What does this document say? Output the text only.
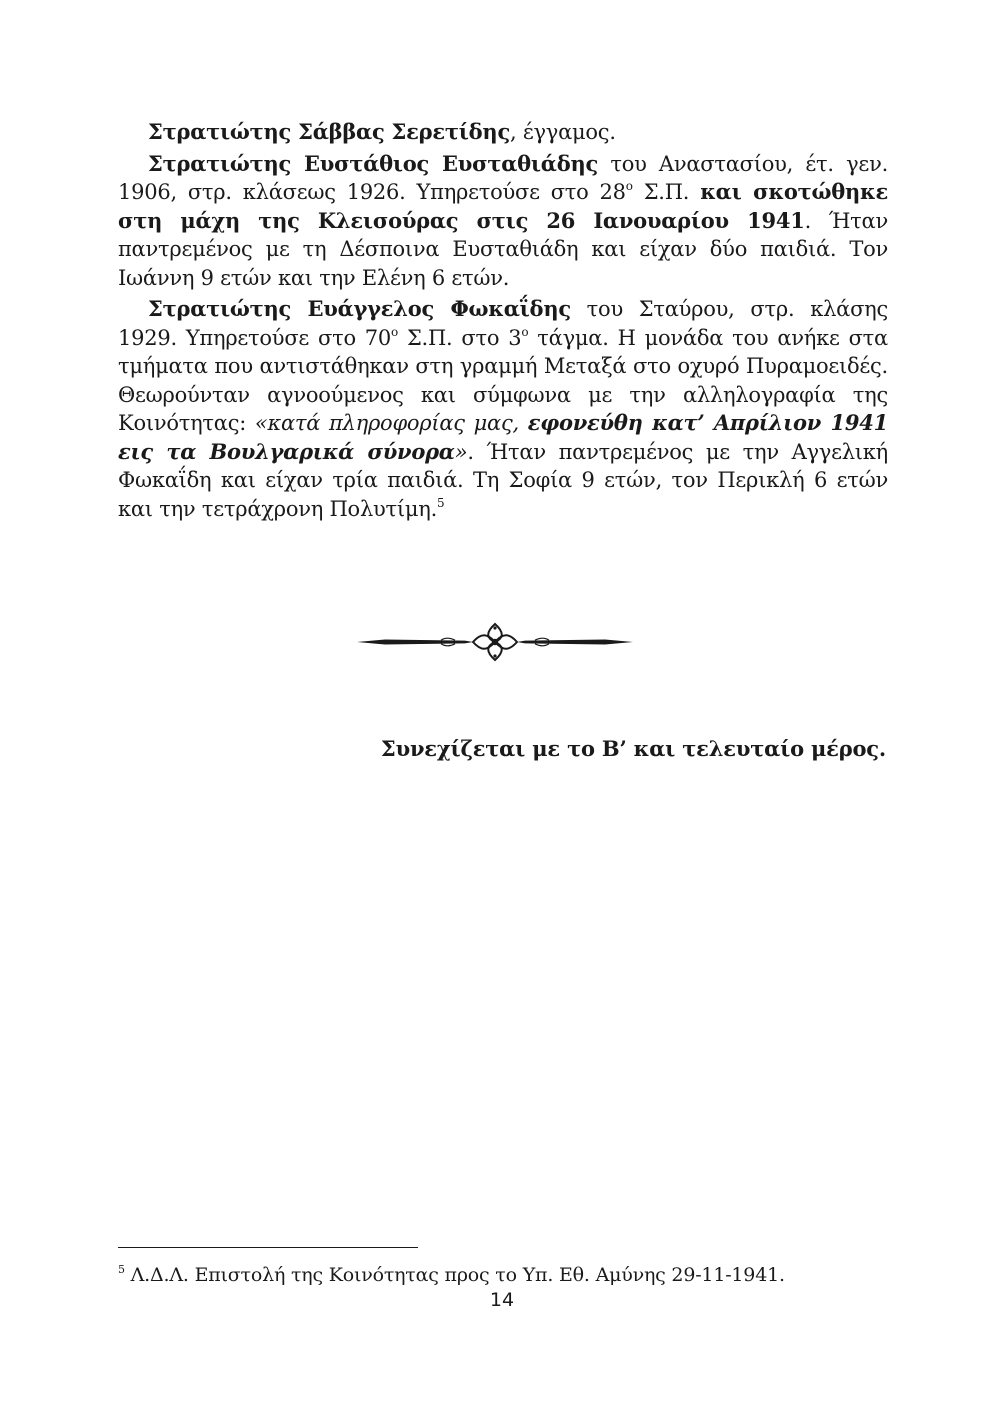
Στρατιώτης Σάββας Σερετίδης, έγγαμος.

Στρατιώτης Ευστάθιος Ευσταθιάδης του Αναστασίου, έτ. γεν. 1906, στρ. κλάσεως 1926. Υπηρετούσε στο $28^o$ Σ.Π. και σκοτώθηκε στη μάχη της Κλεισούρας στις 26 Ιανουαρίου 1941. Ήταν παντρεμένος με τη Δέσποινα Ευσταθιάδη και είχαν δύο παιδιά. Τον Ιωάννη 9 ετών και την Ελένη 6 ετών.

Στρατιώτης Ευάγγελος Φωκαΐδης του Σταύρου, στρ. κλάσης 1929. Υπηρετούσε στο $70^o$ Σ.Π. στο $3^o$ τάγμα. Η μονάδα του ανήκε στα τμήματα που αντιστάθηκαν στη γραμμή Μεταξά στο οχυρό Πυραμοειδές. Θεωρούνταν αγνοούμενος και σύμφωνα με την αλληλογραφία της Κοινότητας: «κατά πληροφορίας μας, εφονεύθη κατ’ Απρίλιον 1941 εις τα Βουλγαρικά σύνορα». Ήταν παντρεμένος με την Αγγελική Φωκαΐδη και είχαν τρία παιδιά. Τη Σοφία 9 ετών, τον Περικλή 6 ετών και την τετράχρονη Πολυτίμη.$^5$

Συνεχίζεται με το Β’ και τελευταίο μέρος.
$^5$ Λ.Δ.Λ. Επιστολή της Κοινότητας προς το Υπ. Εθ. Αμύνης 29-11-1941.
14
